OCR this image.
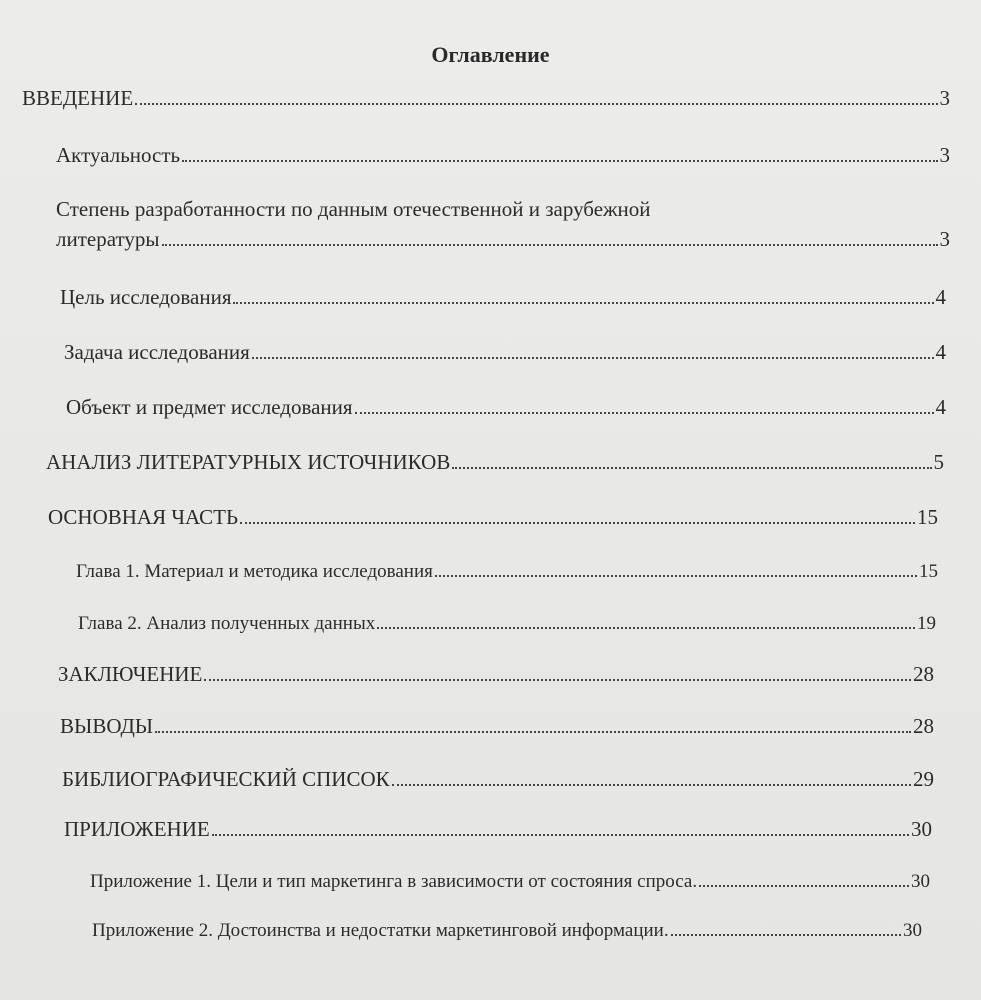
Оглавление
ВВЕДЕНИЕ	3
Актуальность	3
Степень разработанности по данным отечественной и зарубежной
литературы	3
Цель исследования	4
Задача исследования	4
Объект и предмет исследования	4
АНАЛИЗ ЛИТЕРАТУРНЫХ ИСТОЧНИКОВ	5
ОСНОВНАЯ ЧАСТЬ	15
Глава 1. Материал и методика исследования	15
Глава 2. Анализ полученных данных	19
ЗАКЛЮЧЕНИЕ	28
ВЫВОДЫ	28
БИБЛИОГРАФИЧЕСКИЙ СПИСОК	29
ПРИЛОЖЕНИЕ	30
Приложение 1. Цели и тип маркетинга в зависимости от состояния спроса.	30
Приложение 2. Достоинства и недостатки маркетинговой информации.	30
